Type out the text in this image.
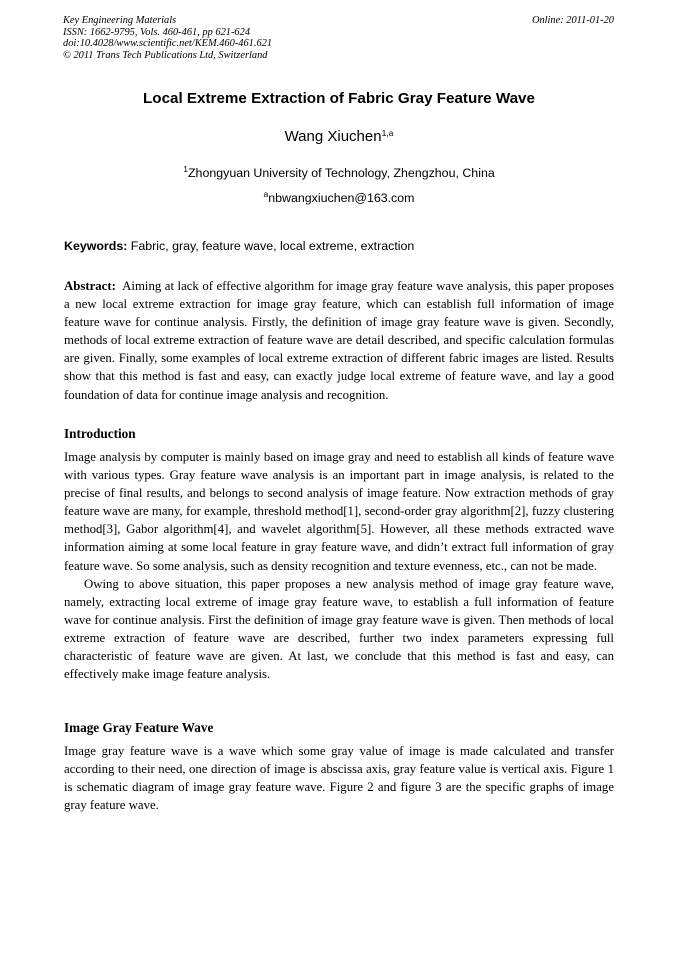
Key Engineering Materials
ISSN: 1662-9795, Vols. 460-461, pp 621-624
doi:10.4028/www.scientific.net/KEM.460-461.621
© 2011 Trans Tech Publications Ltd, Switzerland
Online: 2011-01-20
Local Extreme Extraction of Fabric Gray Feature Wave
Wang Xiuchen$^{1,a}$
$^1$Zhongyuan University of Technology, Zhengzhou, China
$^a$nbwangxiuchen@163.com
Keywords: Fabric, gray, feature wave, local extreme, extraction

Abstract:  Aiming at lack of effective algorithm for image gray feature wave analysis, this paper proposes a new local extreme extraction for image gray feature, which can establish full information of image feature wave for continue analysis. Firstly, the definition of image gray feature wave is given. Secondly, methods of local extreme extraction of feature wave are detail described, and specific calculation formulas are given. Finally, some examples of local extreme extraction of different fabric images are listed. Results show that this method is fast and easy, can exactly judge local extreme of feature wave, and lay a good foundation of data for continue image analysis and recognition.

Introduction

Image analysis by computer is mainly based on image gray and need to establish all kinds of feature wave with various types. Gray feature wave analysis is an important part in image analysis, is related to the precise of final results, and belongs to second analysis of image feature. Now extraction methods of gray feature wave are many, for example, threshold method[1], second-order gray algorithm[2], fuzzy clustering method[3], Gabor algorithm[4], and wavelet algorithm[5]. However, all these methods extracted wave information aiming at some local feature in gray feature wave, and didn’t extract full information of gray feature wave. So some analysis, such as density recognition and texture evenness, etc., can not be made.

Owing to above situation, this paper proposes a new analysis method of image gray feature wave, namely, extracting local extreme of image gray feature wave, to establish a full information of feature wave for continue analysis. First the definition of image gray feature wave is given. Then methods of local extreme extraction of feature wave are described, further two index parameters expressing full characteristic of feature wave are given. At last, we conclude that this method is fast and easy, can effectively make image feature analysis.

Image Gray Feature Wave

Image gray feature wave is a wave which some gray value of image is made calculated and transfer according to their need, one direction of image is abscissa axis, gray feature value is vertical axis. Figure 1 is schematic diagram of image gray feature wave. Figure 2 and figure 3 are the specific graphs of image gray feature wave.
